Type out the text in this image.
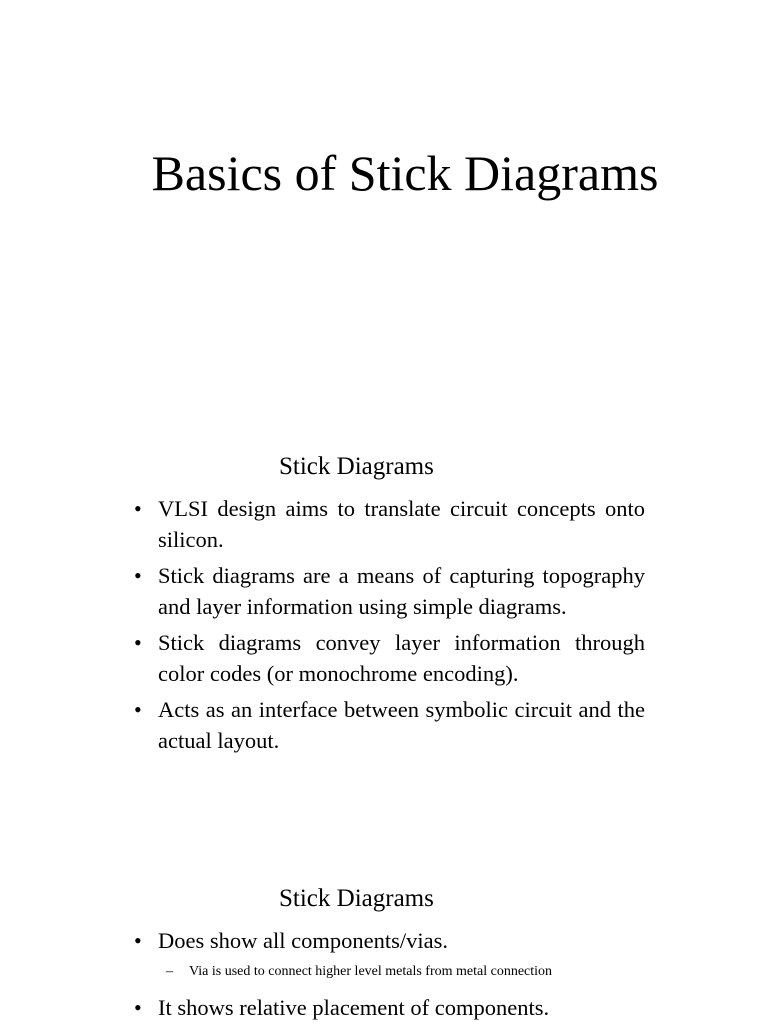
Basics of Stick Diagrams
Stick Diagrams
• VLSI design aims to translate circuit concepts onto silicon.
• Stick diagrams are a means of capturing topography and layer information using simple diagrams.
• Stick diagrams convey layer information through color codes (or monochrome encoding).
• Acts as an interface between symbolic circuit and the actual layout.
Stick Diagrams
• Does show all components/vias.
– Via is used to connect higher level metals from metal connection
• It shows relative placement of components.
